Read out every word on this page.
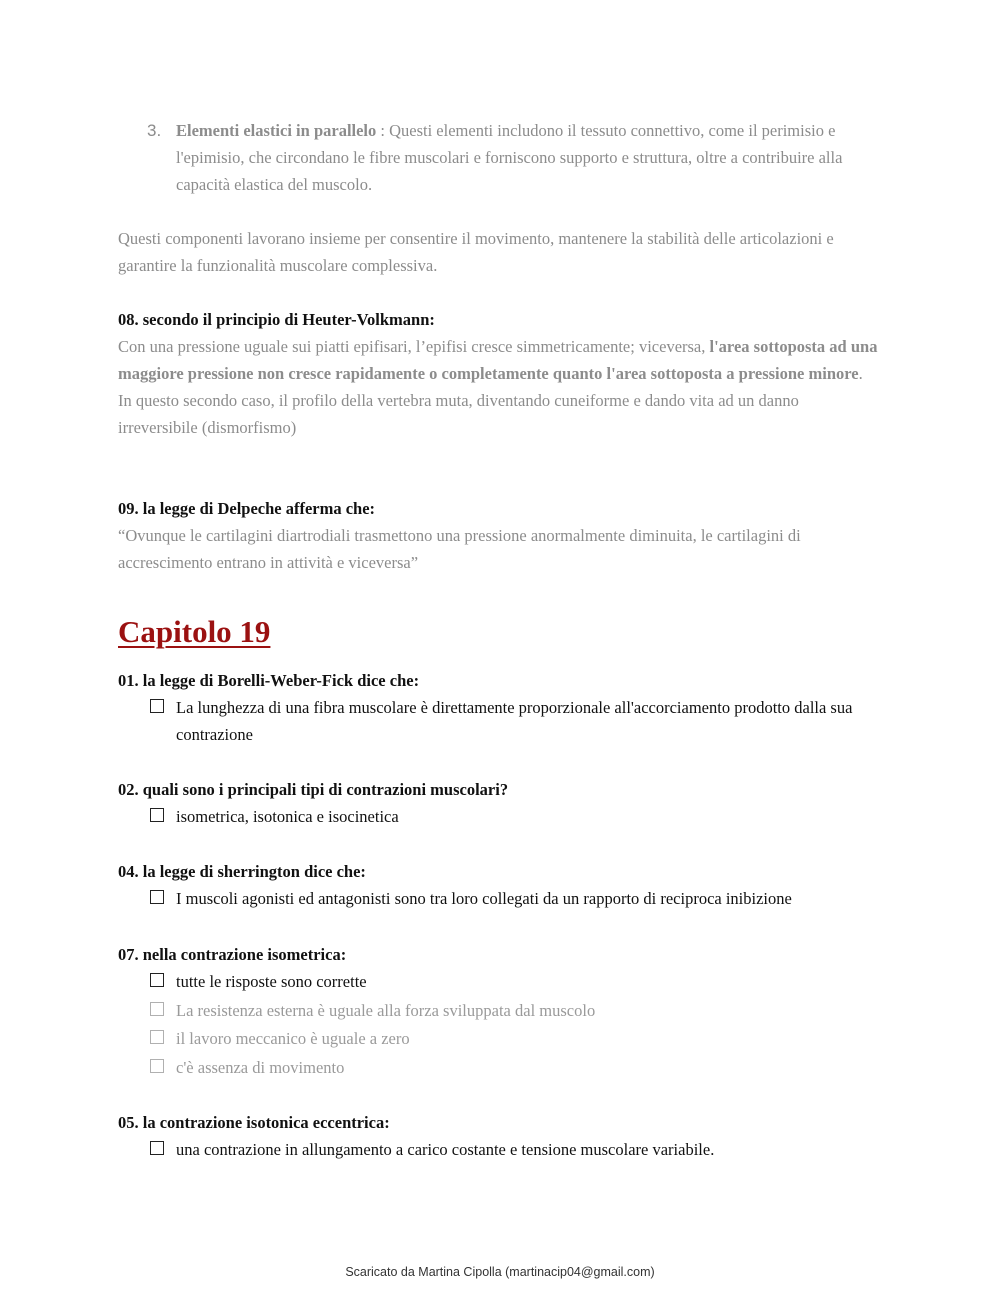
3. Elementi elastici in parallelo : Questi elementi includono il tessuto connettivo, come il perimisio e l'epimisio, che circondano le fibre muscolari e forniscono supporto e struttura, oltre a contribuire alla capacità elastica del muscolo.

Questi componenti lavorano insieme per consentire il movimento, mantenere la stabilità delle articolazioni e garantire la funzionalità muscolare complessiva.

08. secondo il principio di Heuter-Volkmann:

Con una pressione uguale sui piatti epifisari, l’epifisi cresce simmetricamente; viceversa, l'area sottoposta ad una maggiore pressione non cresce rapidamente o completamente quanto l'area sottoposta a pressione minore.

In questo secondo caso, il profilo della vertebra muta, diventando cuneiforme e dando vita ad un danno irreversibile (dismorfismo)

09. la legge di Delpeche afferma che:

“Ovunque le cartilagini diartrodiali trasmettono una pressione anormalmente diminuita, le cartilagini di accrescimento entrano in attività e viceversa”

Capitolo 19

01. la legge di Borelli-Weber-Fick dice che:

La lunghezza di una fibra muscolare è direttamente proporzionale all'accorciamento prodotto dalla sua contrazione

02. quali sono i principali tipi di contrazioni muscolari?

isometrica, isotonica e isocinetica

04. la legge di sherrington dice che:

I muscoli agonisti ed antagonisti sono tra loro collegati da un rapporto di reciproca inibizione

07. nella contrazione isometrica:

tutte le risposte sono corrette

La resistenza esterna è uguale alla forza sviluppata dal muscolo

il lavoro meccanico è uguale a zero

c'è assenza di movimento

05. la contrazione isotonica eccentrica:

una contrazione in allungamento a carico costante e tensione muscolare variabile.

Scaricato da Martina Cipolla (martinacip04@gmail.com)
